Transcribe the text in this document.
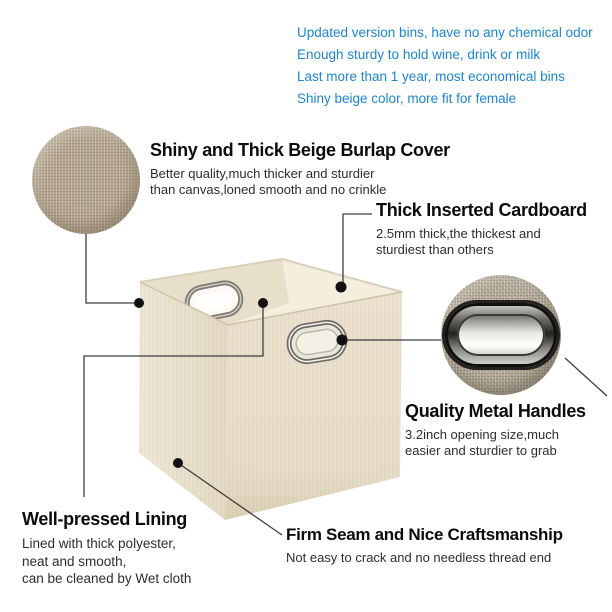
Updated version bins, have no any chemical odor
Enough sturdy to hold wine, drink or milk
Last more than 1 year, most economical bins
Shiny beige color, more fit for female
Shiny and Thick Beige Burlap Cover
Better quality,much thicker and sturdier
than canvas,loned smooth and no crinkle
Thick Inserted Cardboard
2.5mm thick,the thickest and
sturdiest than others
Quality Metal Handles
3.2inch opening size,much
easier and sturdier to grab
Well-pressed Lining
Lined with thick polyester,
neat and smooth,
can be cleaned by Wet cloth
Firm Seam and Nice Craftsmanship
Not easy to crack and no needless thread end
